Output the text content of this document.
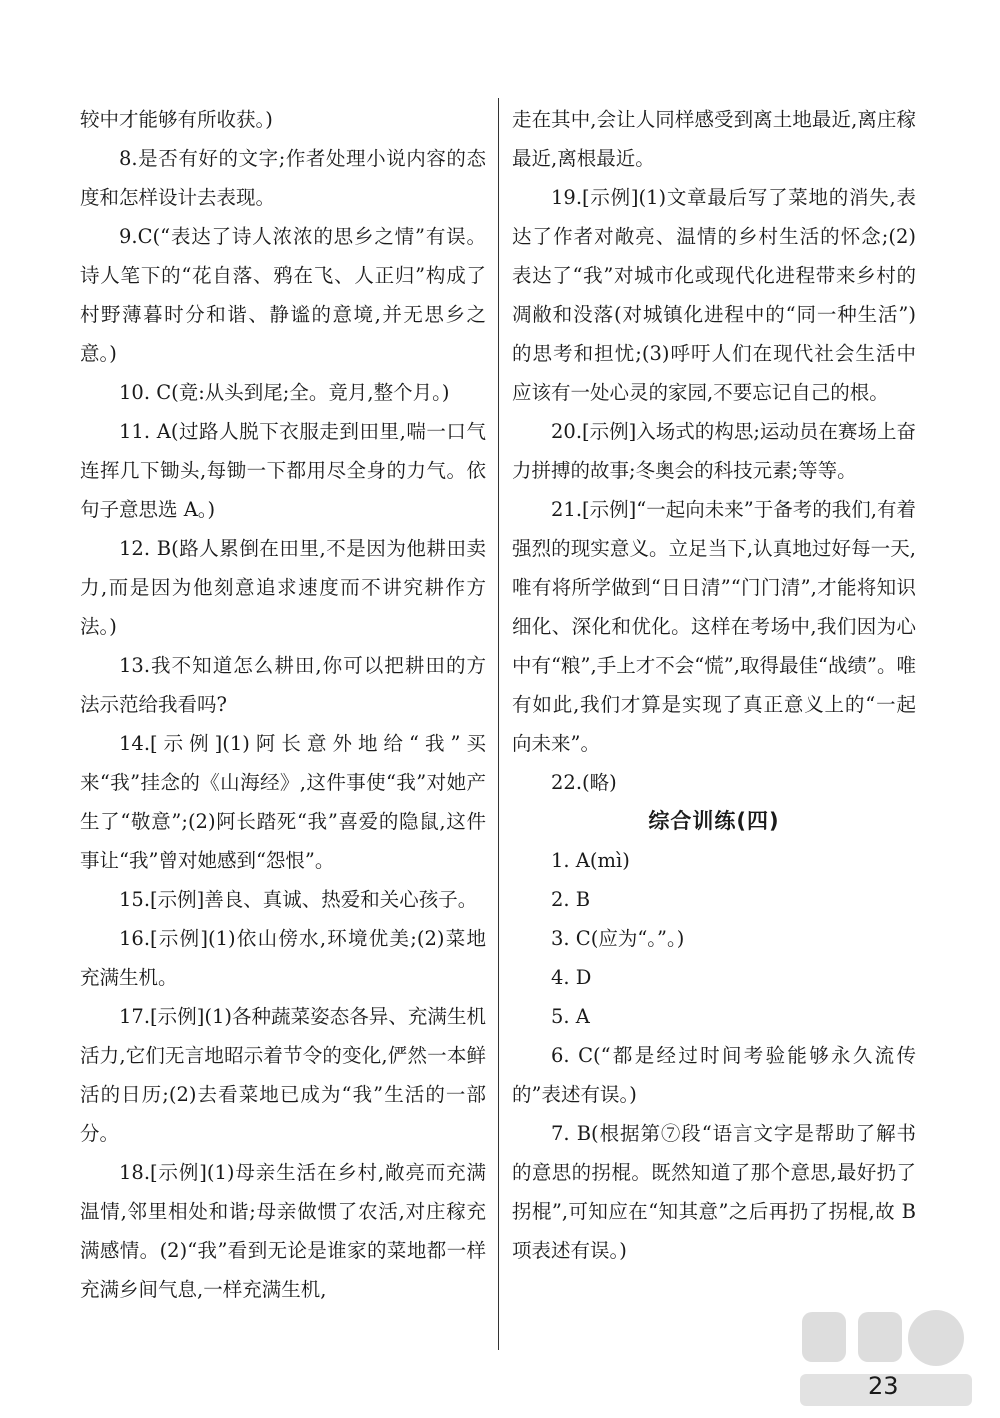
较中才能够有所收获。)

8.是否有好的文字;作者处理小说内容的态度和怎样设计去表现。

9.C(“表达了诗人浓浓的思乡之情”有误。诗人笔下的“花自落、鸦在飞、人正归”构成了村野薄暮时分和谐、静谧的意境,并无思乡之意。)

10. C(竟:从头到尾;全。竟月,整个月。)

11. A(过路人脱下衣服走到田里,喘一口气连挥几下锄头,每锄一下都用尽全身的力气。依句子意思选 A。)

12. B(路人累倒在田里,不是因为他耕田卖力,而是因为他刻意追求速度而不讲究耕作方法。)

13.我不知道怎么耕田,你可以把耕田的方法示范给我看吗?

14.[示例](1)阿长意外地给“我”买来“我”挂念的《山海经》,这件事使“我”对她产生了“敬意”;(2)阿长踏死“我”喜爱的隐鼠,这件事让“我”曾对她感到“怨恨”。

15.[示例]善良、真诚、热爱和关心孩子。

16.[示例](1)依山傍水,环境优美;(2)菜地充满生机。

17.[示例](1)各种蔬菜姿态各异、充满生机活力,它们无言地昭示着节令的变化,俨然一本鲜活的日历;(2)去看菜地已成为“我”生活的一部分。

18.[示例](1)母亲生活在乡村,敞亮而充满温情,邻里相处和谐;母亲做惯了农活,对庄稼充满感情。(2)“我”看到无论是谁家的菜地都一样充满乡间气息,一样充满生机,

走在其中,会让人同样感受到离土地最近,离庄稼最近,离根最近。

19.[示例](1)文章最后写了菜地的消失,表达了作者对敞亮、温情的乡村生活的怀念;(2)表达了“我”对城市化或现代化进程带来乡村的凋敝和没落(对城镇化进程中的“同一种生活”)的思考和担忧;(3)呼吁人们在现代社会生活中应该有一处心灵的家园,不要忘记自己的根。

20.[示例]入场式的构思;运动员在赛场上奋力拼搏的故事;冬奥会的科技元素;等等。

21.[示例]“一起向未来”于备考的我们,有着强烈的现实意义。立足当下,认真地过好每一天,唯有将所学做到“日日清”“门门清”,才能将知识细化、深化和优化。这样在考场中,我们因为心中有“粮”,手上才不会“慌”,取得最佳“战绩”。唯有如此,我们才算是实现了真正意义上的“一起向未来”。

22.(略)

综合训练(四)

1. A(mì)

2. B

3. C(应为“。”。)

4. D

5. A

6. C(“都是经过时间考验能够永久流传的”表述有误。)

7. B(根据第⑦段“语言文字是帮助了解书的意思的拐棍。既然知道了那个意思,最好扔了拐棍”,可知应在“知其意”之后再扔了拐棍,故 B 项表述有误。)

23
